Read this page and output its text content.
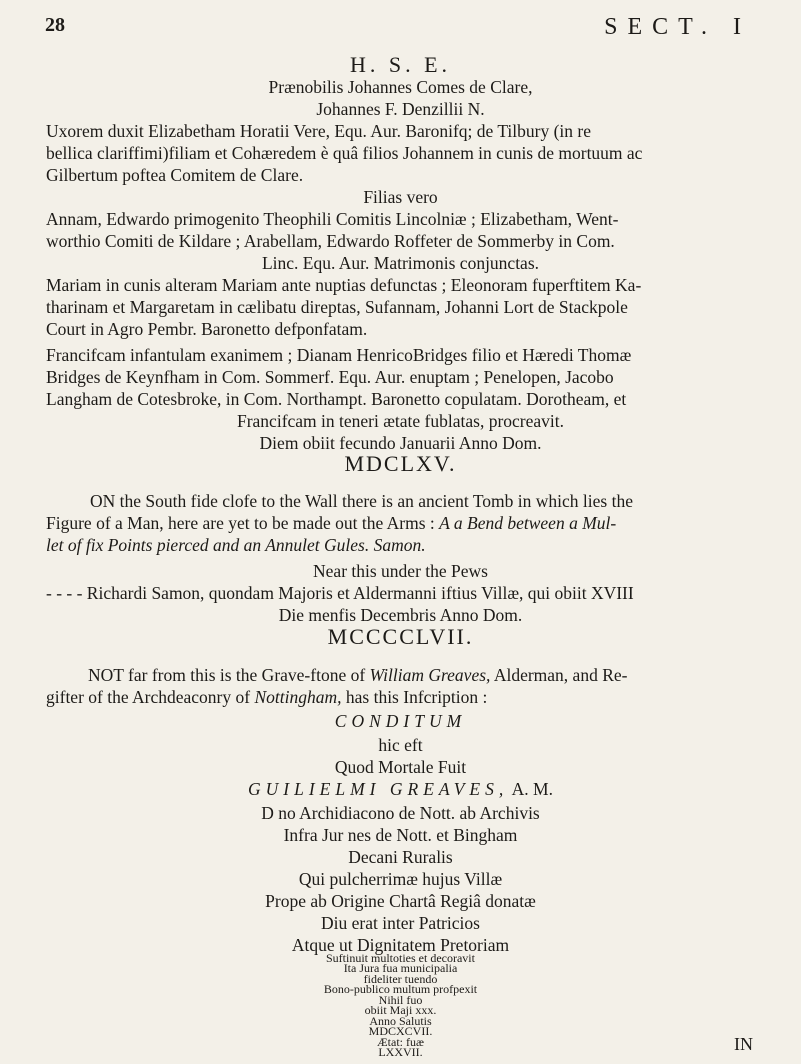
28	SECT. I
H. S. E.
Prænobilis Johannes Comes de Clare,
Johannes F. Denzillii N.
Uxorem duxit Elizabetham Horatii Vere, Equ. Aur. Baronifq; de Tilbury (in re
bellica clariffimi)filiam et Cohæredem è quâ filios Johannem in cunis de mortuum ac
Gilbertum poftea Comitem de Clare.
Filias vero
Annam, Edwardo primogenito Theophili Comitis Lincolniæ ; Elizabetham, Went-
worthio Comiti de Kildare ; Arabellam, Edwardo Roffeter de Sommerby in Com.
Linc. Equ. Aur. Matrimonis conjunctas.
Mariam in cunis alteram Mariam ante nuptias defunctas ; Eleonoram fuperftitem Ka-
tharinam et Margaretam in cælibatu direptas, Sufannam, Johanni Lort de Stackpole
Court in Agro Pembr. Baronetto defponfatam.
Francifcam infantulam exanimem ; Dianam HenricoBridges filio et Hæredi Thomæ
Bridges de Keynfham in Com. Sommerf. Equ. Aur. enuptam ; Penelopen, Jacobo
Langham de Cotesbroke, in Com. Northampt. Baronetto copulatam. Dorotheam, et
Francifcam in teneri ætate fublatas, procreavit.
Diem obiit fecundo Januarii Anno Dom.
MDCLXV.
ON the South fide clofe to the Wall there is an ancient Tomb in which lies the
Figure of a Man, here are yet to be made out the Arms : A a Bend between a Mul-
let of fix Points pierced and an Annulet Gules. Samon.
Near this under the Pews
- - - - Richardi Samon, quondam Majoris et Aldermanni iftius Villæ, qui obiit XVIII
Die menfis Decembris Anno Dom.
MCCCCLVII.
NOT far from this is the Grave-ftone of William Greaves, Alderman, and Re-
gifter of the Archdeaconry of Nottingham, has this Infcription :
CONDITUM
hic eft
Quod Mortale Fuit
GUILIELMI GREAVES, A. M.
D no Archidiacono de Nott. ab Archivis
Infra Jur nes de Nott. et Bingham
Decani Ruralis
Qui pulcherrimæ hujus Villæ
Prope ab Origine Chartâ Regiâ donatæ
Diu erat inter Patricios
Atque ut Dignitatem Pretoriam
Suftinuit multoties et decoravit
Ita Jura fua municipalia
fideliter tuendo
Bono-publico multum profpexit
Nihil fuo
obiit Maji xxx.
Anno Salutis
MDCXCVII.
Ætat: fuæ
LXXVII.	IN
